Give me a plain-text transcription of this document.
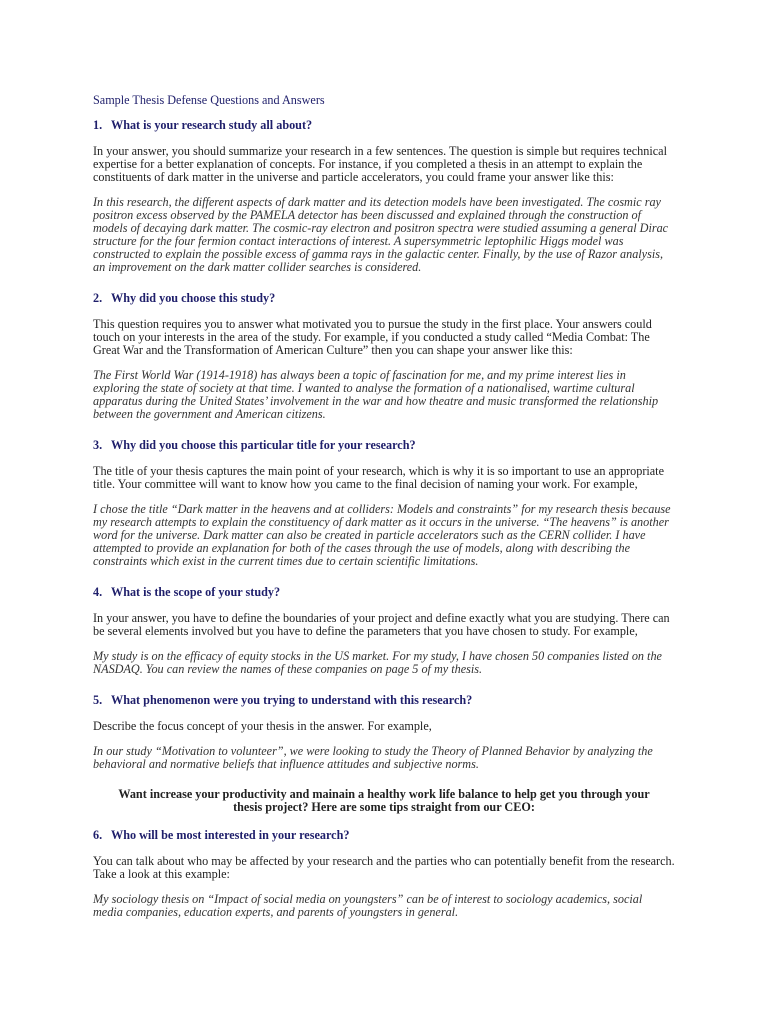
Sample Thesis Defense Questions and Answers
1. What is your research study all about?

In your answer, you should summarize your research in a few sentences. The question is simple but requires technical expertise for a better explanation of concepts. For instance, if you completed a thesis in an attempt to explain the constituents of dark matter in the universe and particle accelerators, you could frame your answer like this:

In this research, the different aspects of dark matter and its detection models have been investigated. The cosmic ray positron excess observed by the PAMELA detector has been discussed and explained through the construction of models of decaying dark matter. The cosmic-ray electron and positron spectra were studied assuming a general Dirac structure for the four fermion contact interactions of interest. A supersymmetric leptophilic Higgs model was constructed to explain the possible excess of gamma rays in the galactic center. Finally, by the use of Razor analysis, an improvement on the dark matter collider searches is considered.

2. Why did you choose this study?

This question requires you to answer what motivated you to pursue the study in the first place. Your answers could touch on your interests in the area of the study. For example, if you conducted a study called “Media Combat: The Great War and the Transformation of American Culture” then you can shape your answer like this:

The First World War (1914-1918) has always been a topic of fascination for me, and my prime interest lies in exploring the state of society at that time. I wanted to analyse the formation of a nationalised, wartime cultural apparatus during the United States’ involvement in the war and how theatre and music transformed the relationship between the government and American citizens.

3. Why did you choose this particular title for your research?

The title of your thesis captures the main point of your research, which is why it is so important to use an appropriate title. Your committee will want to know how you came to the final decision of naming your work. For example,

I chose the title “Dark matter in the heavens and at colliders: Models and constraints” for my research thesis because my research attempts to explain the constituency of dark matter as it occurs in the universe. “The heavens” is another word for the universe. Dark matter can also be created in particle accelerators such as the CERN collider. I have attempted to provide an explanation for both of the cases through the use of models, along with describing the constraints which exist in the current times due to certain scientific limitations.

4. What is the scope of your study?

In your answer, you have to define the boundaries of your project and define exactly what you are studying. There can be several elements involved but you have to define the parameters that you have chosen to study. For example,

My study is on the efficacy of equity stocks in the US market. For my study, I have chosen 50 companies listed on the NASDAQ. You can review the names of these companies on page 5 of my thesis.

5. What phenomenon were you trying to understand with this research?

Describe the focus concept of your thesis in the answer. For example,

In our study “Motivation to volunteer”, we were looking to study the Theory of Planned Behavior by analyzing the behavioral and normative beliefs that influence attitudes and subjective norms.

Want increase your productivity and mainain a healthy work life balance to help get you through your thesis project? Here are some tips straight from our CEO:

6. Who will be most interested in your research?

You can talk about who may be affected by your research and the parties who can potentially benefit from the research. Take a look at this example:

My sociology thesis on “Impact of social media on youngsters” can be of interest to sociology academics, social media companies, education experts, and parents of youngsters in general.
